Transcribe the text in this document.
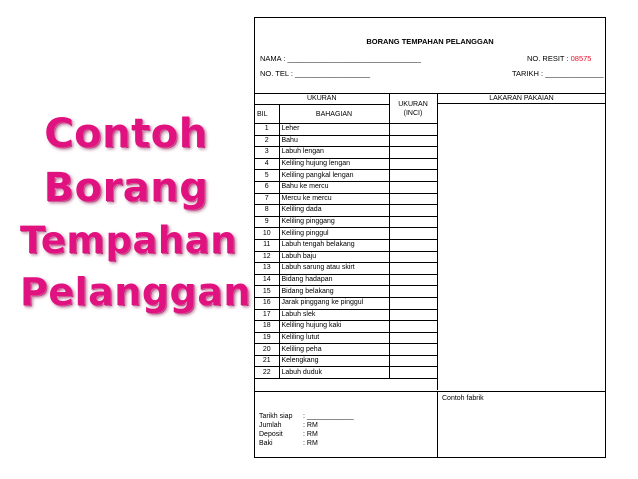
Contoh
Borang
Tempahan
Pelanggan
BORANG TEMPAHAN PELANGGAN
NAMA : ________________________________	NO. RESIT : 08575
NO. TEL : __________________	TARIKH : ______________
UKURAN		UKURAN (INCI)
BIL	BAHAGIAN	
1	Leher	
2	Bahu	
3	Labuh lengan	
4	Keliling hujung lengan	
5	Keliling pangkal lengan	
6	Bahu ke mercu	
7	Mercu ke mercu	
8	Keliling dada	
9	Keliling pinggang	
10	Keliling pinggul	
11	Labuh tengah belakang	
12	Labuh baju	
13	Labuh sarung atau skirt	
14	Bidang hadapan	
15	Bidang belakang	
16	Jarak pinggang ke pinggul	
17	Labuh slek	
18	Keliling hujung kaki	
19	Keliling lutut	
20	Keliling peha	
21	Kelengkang	
22	Labuh duduk	
LAKARAN PAKAIAN
Tarikh siap	: ____________
Jumlah	: RM
Deposit	: RM
Baki	: RM
Contoh fabrik
